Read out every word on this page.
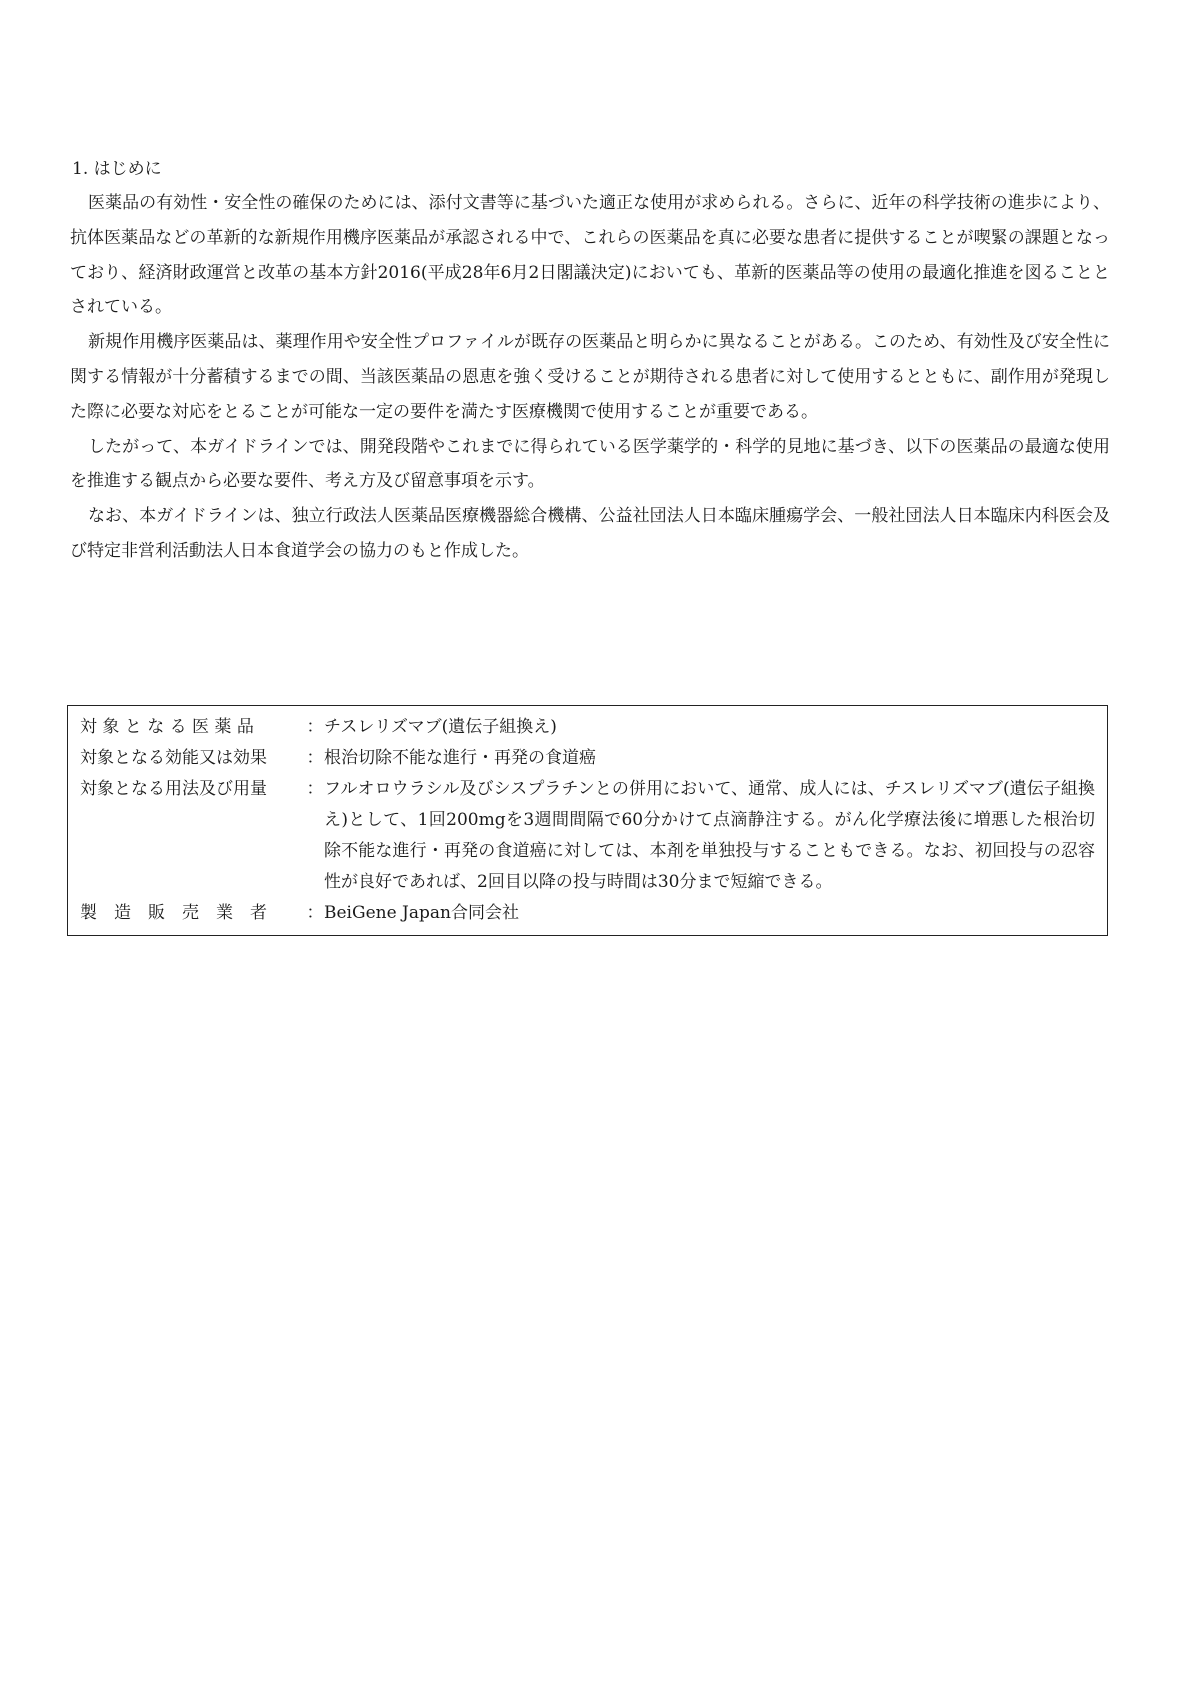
1. はじめに

医薬品の有効性・安全性の確保のためには、添付文書等に基づいた適正な使用が求められる。さらに、近年の科学技術の進歩により、抗体医薬品などの革新的な新規作用機序医薬品が承認される中で、これらの医薬品を真に必要な患者に提供することが喫緊の課題となっており、経済財政運営と改革の基本方針2016(平成28年6月2日閣議決定)においても、革新的医薬品等の使用の最適化推進を図ることとされている。

新規作用機序医薬品は、薬理作用や安全性プロファイルが既存の医薬品と明らかに異なることがある。このため、有効性及び安全性に関する情報が十分蓄積するまでの間、当該医薬品の恩恵を強く受けることが期待される患者に対して使用するとともに、副作用が発現した際に必要な対応をとることが可能な一定の要件を満たす医療機関で使用することが重要である。

したがって、本ガイドラインでは、開発段階やこれまでに得られている医学薬学的・科学的見地に基づき、以下の医薬品の最適な使用を推進する観点から必要な要件、考え方及び留意事項を示す。

なお、本ガイドラインは、独立行政法人医薬品医療機器総合機構、公益社団法人日本臨床腫瘍学会、一般社団法人日本臨床内科医会及び特定非営利活動法人日本食道学会の協力のもと作成した。

対 象 と な る 医 薬 品	： チスレリズマブ(遺伝子組換え)
対象となる効能又は効果	： 根治切除不能な進行・再発の食道癌
対象となる用法及び用量	： フルオロウラシル及びシスプラチンとの併用において、通常、成人には、チスレリズマブ(遺伝子組換え)として、1回200mgを3週間間隔で60分かけて点滴静注する。がん化学療法後に増悪した根治切除不能な進行・再発の食道癌に対しては、本剤を単独投与することもできる。なお、初回投与の忍容性が良好であれば、2回目以降の投与時間は30分まで短縮できる。
製　造　販　売　業　者	： BeiGene Japan合同会社
